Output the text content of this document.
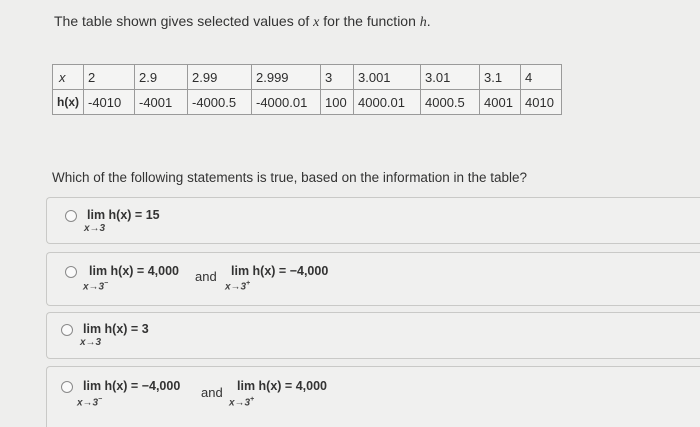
The table shown gives selected values of x for the function h.
x	2	2.9	2.99	2.999	3	3.001	3.01	3.1	4
h(x)	-4010	-4001	-4000.5	-4000.01	100	4000.01	4000.5	4001	4010
Which of the following statements is true, based on the information in the table?
lim h(x) = 15
x→3
lim h(x) = 4,000
x→3−	and lim h(x) = −4,000
x→3+
lim h(x) = 3
x→3
lim h(x) = −4,000
x→3−	and lim h(x) = 4,000
x→3+
